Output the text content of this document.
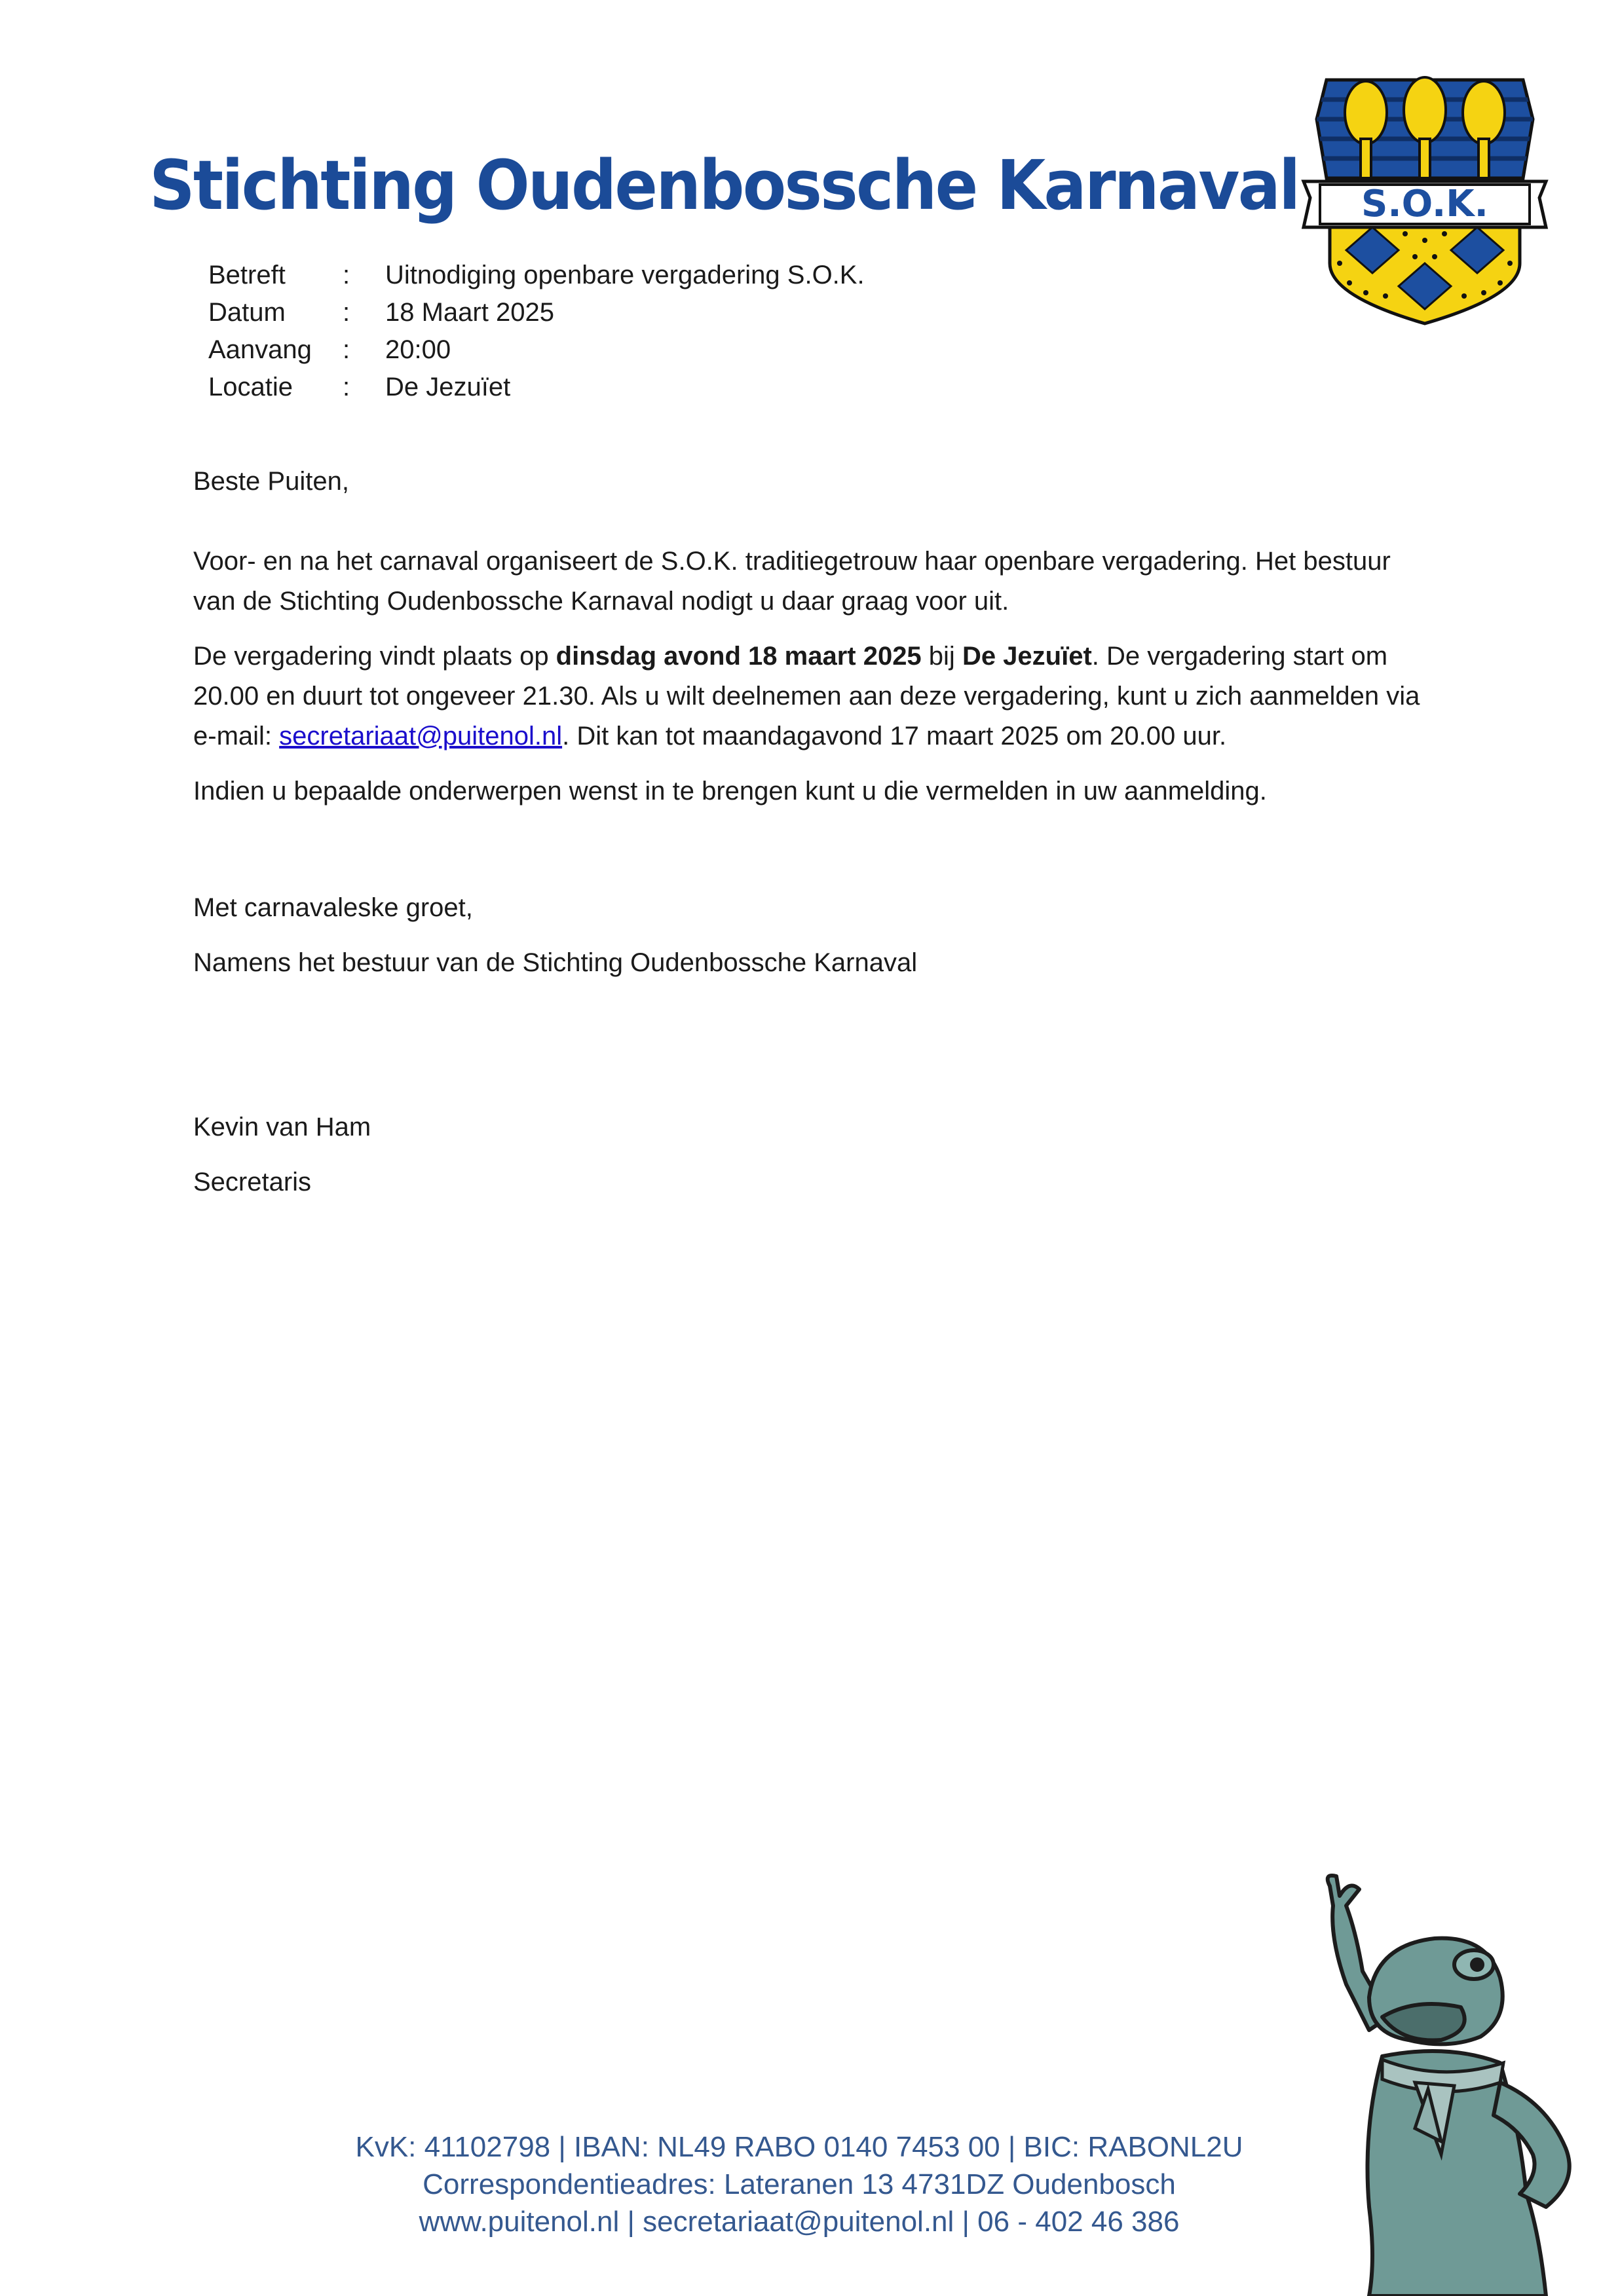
Stichting Oudenbossche Karnaval S.O.K.
Betreft	:	Uitnodiging openbare vergadering S.O.K.
Datum	:	18 Maart 2025
Aanvang	:	20:00
Locatie	:	De Jezuïet

Beste Puiten,

Voor- en na het carnaval organiseert de S.O.K. traditiegetrouw haar openbare vergadering. Het bestuur van de Stichting Oudenbossche Karnaval nodigt u daar graag voor uit.

De vergadering vindt plaats op dinsdag avond 18 maart 2025 bij De Jezuïet. De vergadering start om 20.00 en duurt tot ongeveer 21.30. Als u wilt deelnemen aan deze vergadering, kunt u zich aanmelden via e-mail: secretariaat@puitenol.nl. Dit kan tot maandagavond 17 maart 2025 om 20.00 uur.

Indien u bepaalde onderwerpen wenst in te brengen kunt u die vermelden in uw aanmelding.

Met carnavaleske groet,

Namens het bestuur van de Stichting Oudenbossche Karnaval

Kevin van Ham

Secretaris

KvK: 41102798 | IBAN: NL49 RABO 0140 7453 00 | BIC: RABONL2U
Correspondentieadres: Lateranen 13 4731DZ Oudenbosch
www.puitenol.nl | secretariaat@puitenol.nl | 06 - 402 46 386
